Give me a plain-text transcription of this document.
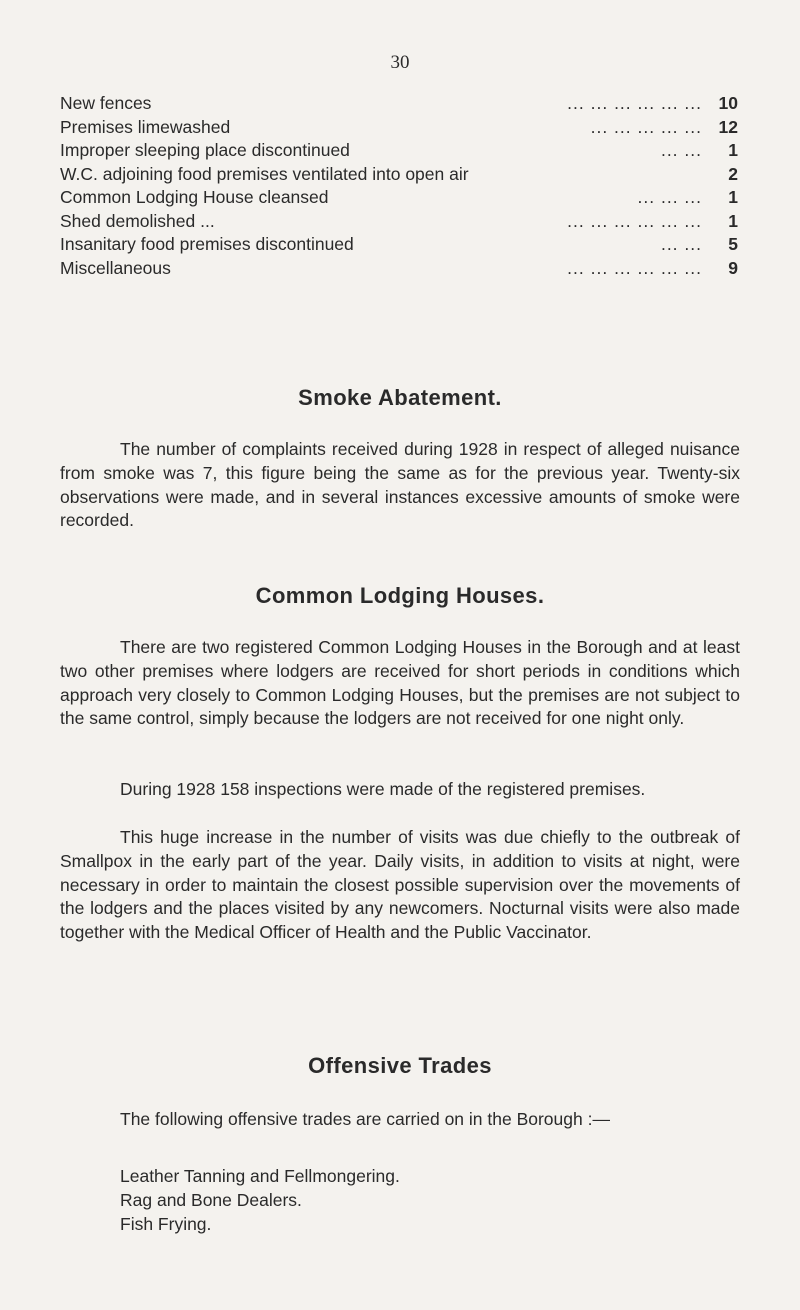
30
New fences	... ... ... ... ... ... 10
Premises limewashed	... ... ... ... ... 12
Improper sleeping place discontinued	... ...	1
W.C. adjoining food premises ventilated into open air	2
Common Lodging House cleansed	... ... ...	1
Shed demolished ...	... ... ... ... ... ...	1
Insanitary food premises discontinued	... ...	5
Miscellaneous	... ... ... ... ... ...	9
Smoke Abatement.

The number of complaints received during 1928 in respect of alleged nuisance from smoke was 7, this figure being the same as for the previous year. Twenty-six observations were made, and in several instances excessive amounts of smoke were recorded.

Common Lodging Houses.

There are two registered Common Lodging Houses in the Borough and at least two other premises where lodgers are received for short periods in conditions which approach very closely to Common Lodging Houses, but the premises are not subject to the same control, simply because the lodgers are not received for one night only.

During 1928 158 inspections were made of the registered premises.

This huge increase in the number of visits was due chiefly to the outbreak of Smallpox in the early part of the year. Daily visits, in addition to visits at night, were necessary in order to maintain the closest possible supervision over the movements of the lodgers and the places visited by any newcomers. Nocturnal visits were also made together with the Medical Officer of Health and the Public Vaccinator.

Offensive Trades

The following offensive trades are carried on in the Borough :—

Leather Tanning and Fellmongering.
Rag and Bone Dealers.
Fish Frying.
